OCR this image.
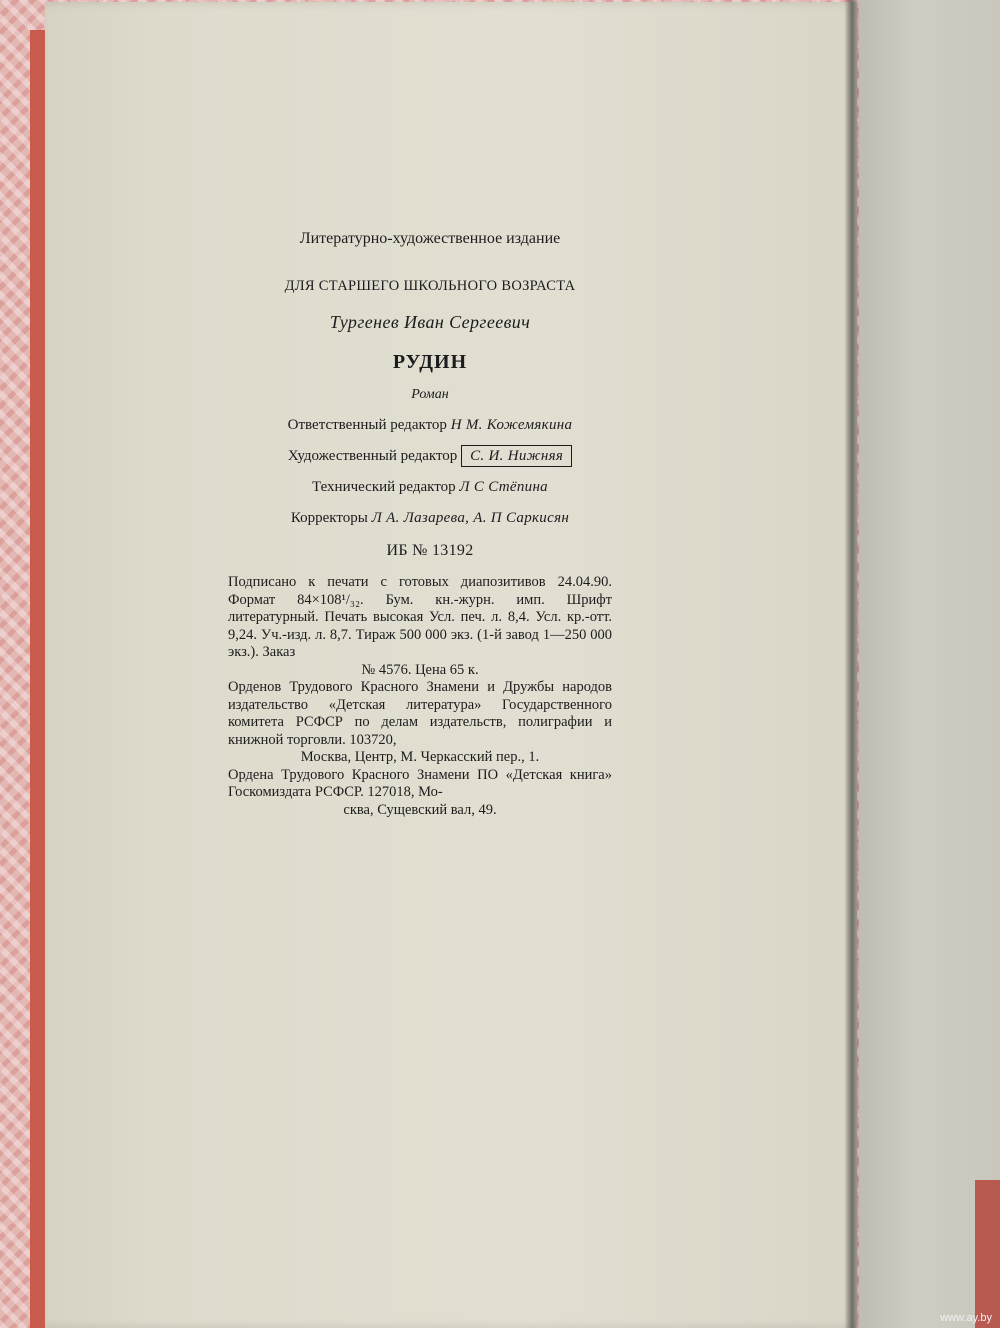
Литературно-художественное издание
ДЛЯ СТАРШЕГО ШКОЛЬНОГО ВОЗРАСТА
Тургенев Иван Сергеевич
РУДИН
Роман
Ответственный редактор Н М. Кожемякина
Художественный редактор С. И. Нижняя
Технический редактор Л С Стёпина
Корректоры Л А. Лазарева, А. П Саркисян
ИБ № 13192

Подписано к печати с готовых диапозитивов 24.04.90. Формат 84×108¹/₃₂. Бум. кн.-журн. имп. Шрифт литературный. Печать высокая Усл. печ. л. 8,4. Усл. кр.-отт. 9,24. Уч.-изд. л. 8,7. Тираж 500 000 экз. (1-й завод 1—250 000 экз.). Заказ

№ 4576. Цена 65 к.

Орденов Трудового Красного Знамени и Дружбы народов издательство «Детская литература» Государственного комитета РСФСР по делам издательств, полиграфии и книжной торговли. 103720,

Москва, Центр, М. Черкасский пер., 1.

Ордена Трудового Красного Знамени ПО «Детская книга» Госкомиздата РСФСР. 127018, Мо-

сква, Сущевский вал, 49.

www.ay.by
